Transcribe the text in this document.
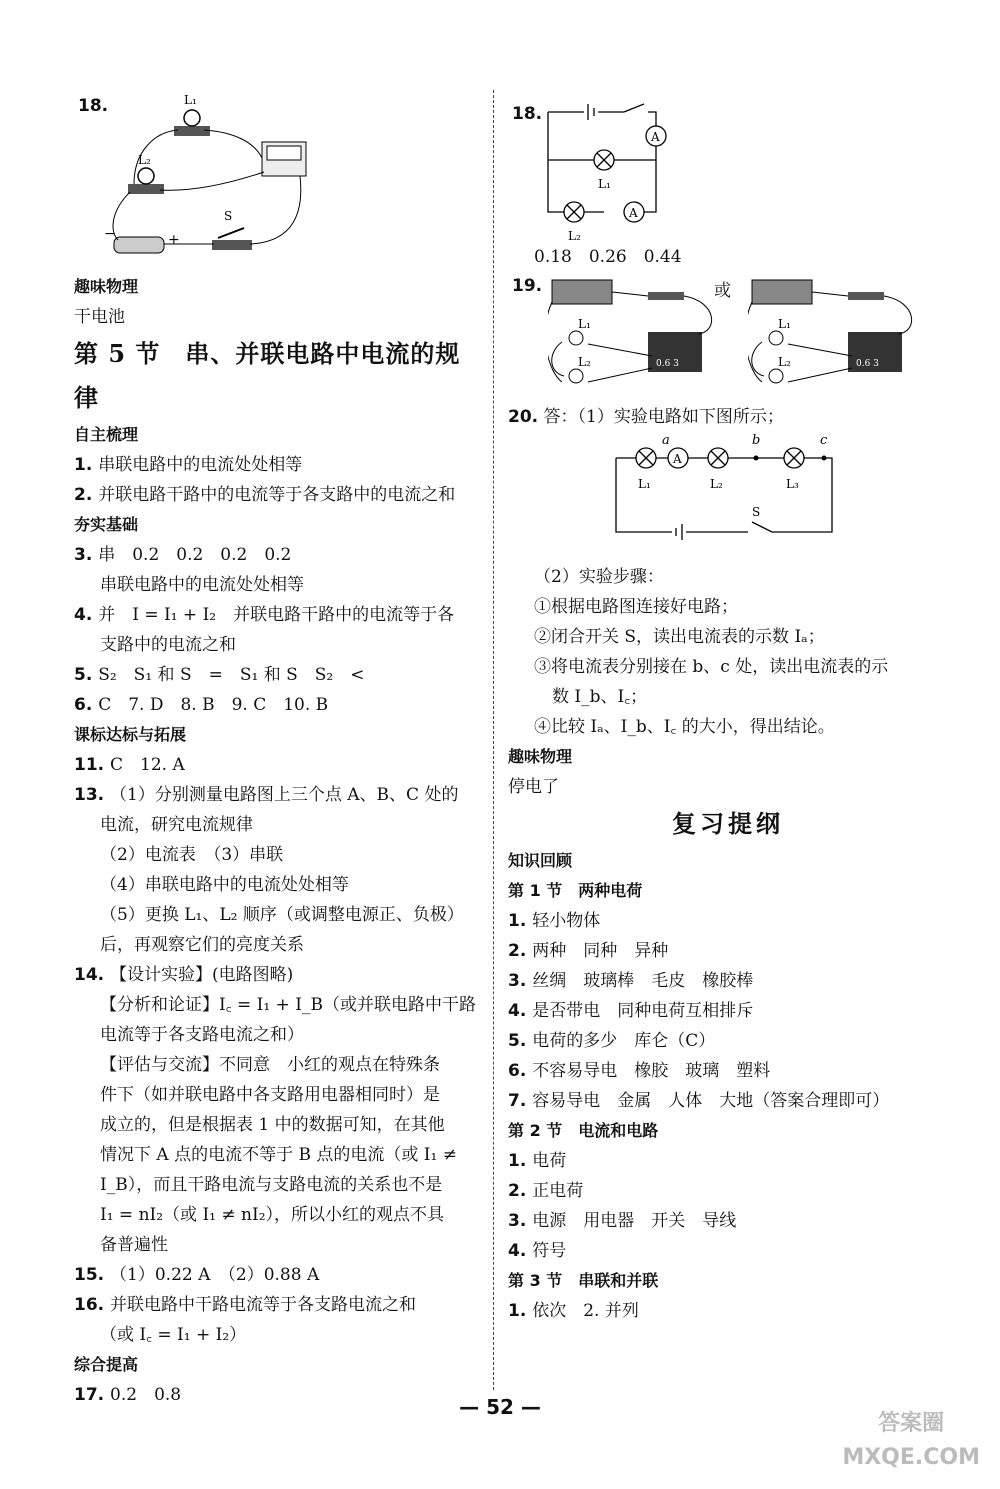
18.	L₁
L₂
+
−
S
趣味物理
干电池
第 5 节　串、并联电路中电流的规律
自主梳理
1. 串联电路中的电流处处相等
2. 并联电路干路中的电流等于各支路中的电流之和
夯实基础
3. 串　0.2　0.2　0.2　0.2
串联电路中的电流处处相等
4. 并　I = I₁ + I₂　并联电路干路中的电流等于各
支路中的电流之和
5. S₂　S₁ 和 S　=　S₁ 和 S　S₂　<
6. C　7. D　8. B　9. C　10. B
课标达标与拓展
11. C　12. A
13. （1）分别测量电路图上三个点 A、B、C 处的
电流，研究电流规律
（2）电流表　（3）串联
（4）串联电路中的电流处处相等
（5）更换 L₁、L₂ 顺序（或调整电源正、负极）
后，再观察它们的亮度关系
14. 【设计实验】(电路图略)
【分析和论证】I꜀ = I₁ + I_B（或并联电路中干路
电流等于各支路电流之和）
【评估与交流】不同意　小红的观点在特殊条
件下（如并联电路中各支路用电器相同时）是
成立的，但是根据表 1 中的数据可知，在其他
情况下 A 点的电流不等于 B 点的电流（或 I₁ ≠
I_B），而且干路电流与支路电流的关系也不是
I₁ = nI₂（或 I₁ ≠ nI₂），所以小红的观点不具
备普遍性
15. （1）0.22 A　（2）0.88 A
16. 并联电路中干路电流等于各支路电流之和
（或 I꜀ = I₁ + I₂）
综合提高
17. 0.2　0.8
18.
A
A
L₁
L₂
0.18　0.26　0.44
19.	或
L₁
L₂	0.6 3
L₁
L₂	0.6 3
20. 答：（1）实验电路如下图所示；
a	b	c
A
L₁	L₂	L₃
S
（2）实验步骤：
①根据电路图连接好电路；
②闭合开关 S，读出电流表的示数 Iₐ；
③将电流表分别接在 b、c 处，读出电流表的示
数 I_b、I꜀；
④比较 Iₐ、I_b、I꜀ 的大小，得出结论。
趣味物理
停电了
复习提纲
知识回顾
第 1 节　两种电荷
1. 轻小物体
2. 两种　同种　异种
3. 丝绸　玻璃棒　毛皮　橡胶棒
4. 是否带电　同种电荷互相排斥
5. 电荷的多少　库仑（C）
6. 不容易导电　橡胶　玻璃　塑料
7. 容易导电　金属　人体　大地（答案合理即可）
第 2 节　电流和电路
1. 电荷
2. 正电荷
3. 电源　用电器　开关　导线
4. 符号
第 3 节　串联和并联
1. 依次　2. 并列
— 52 —
答案圈
MXQE.COM
